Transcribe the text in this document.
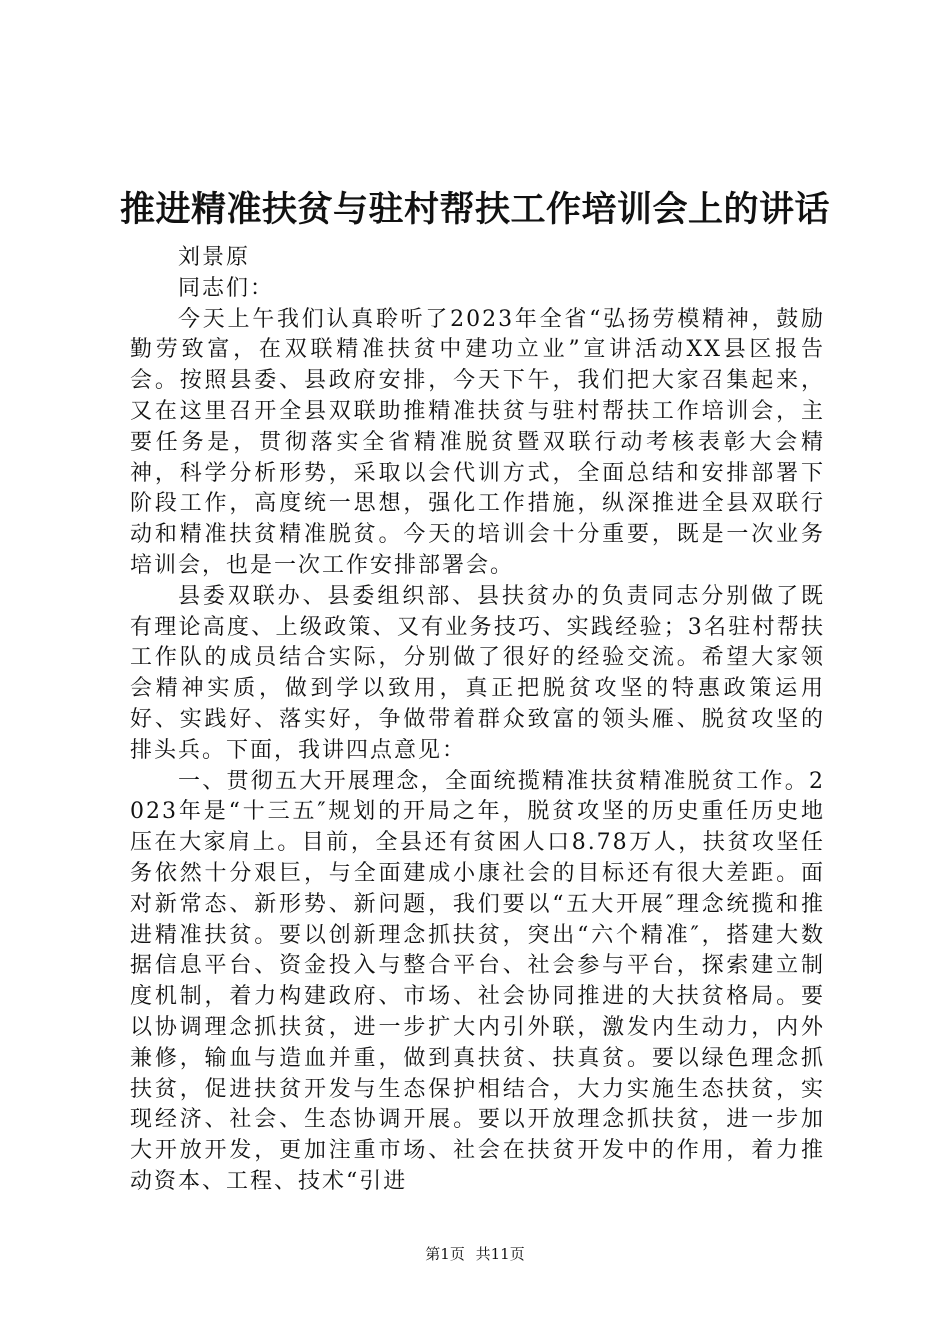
推进精准扶贫与驻村帮扶工作培训会上的讲话

刘景原

同志们：

今天上午我们认真聆听了2023年全省“弘扬劳模精神，鼓励勤劳致富，在双联精准扶贫中建功立业”宣讲活动XX县区报告会。按照县委、县政府安排，今天下午，我们把大家召集起来，又在这里召开全县双联助推精准扶贫与驻村帮扶工作培训会，主要任务是，贯彻落实全省精准脱贫暨双联行动考核表彰大会精神，科学分析形势，采取以会代训方式，全面总结和安排部署下阶段工作，高度统一思想，强化工作措施，纵深推进全县双联行动和精准扶贫精准脱贫。今天的培训会十分重要，既是一次业务培训会，也是一次工作安排部署会。

县委双联办、县委组织部、县扶贫办的负责同志分别做了既有理论高度、上级政策、又有业务技巧、实践经验；3名驻村帮扶工作队的成员结合实际，分别做了很好的经验交流。希望大家领会精神实质，做到学以致用，真正把脱贫攻坚的特惠政策运用好、实践好、落实好，争做带着群众致富的领头雁、脱贫攻坚的排头兵。下面，我讲四点意见：

一、贯彻五大开展理念，全面统揽精准扶贫精准脱贫工作。2023年是“十三五″规划的开局之年，脱贫攻坚的历史重任历史地压在大家肩上。目前，全县还有贫困人口8.78万人，扶贫攻坚任务依然十分艰巨，与全面建成小康社会的目标还有很大差距。面对新常态、新形势、新问题，我们要以“五大开展″理念统揽和推进精准扶贫。要以创新理念抓扶贫，突出“六个精准″，搭建大数据信息平台、资金投入与整合平台、社会参与平台，探索建立制度机制，着力构建政府、市场、社会协同推进的大扶贫格局。要以协调理念抓扶贫，进一步扩大内引外联，激发内生动力，内外兼修，输血与造血并重，做到真扶贫、扶真贫。要以绿色理念抓扶贫，促进扶贫开发与生态保护相结合，大力实施生态扶贫，实现经济、社会、生态协调开展。要以开放理念抓扶贫，进一步加大开放开发，更加注重市场、社会在扶贫开发中的作用，着力推动资本、工程、技术“引进

第1页 共11页
